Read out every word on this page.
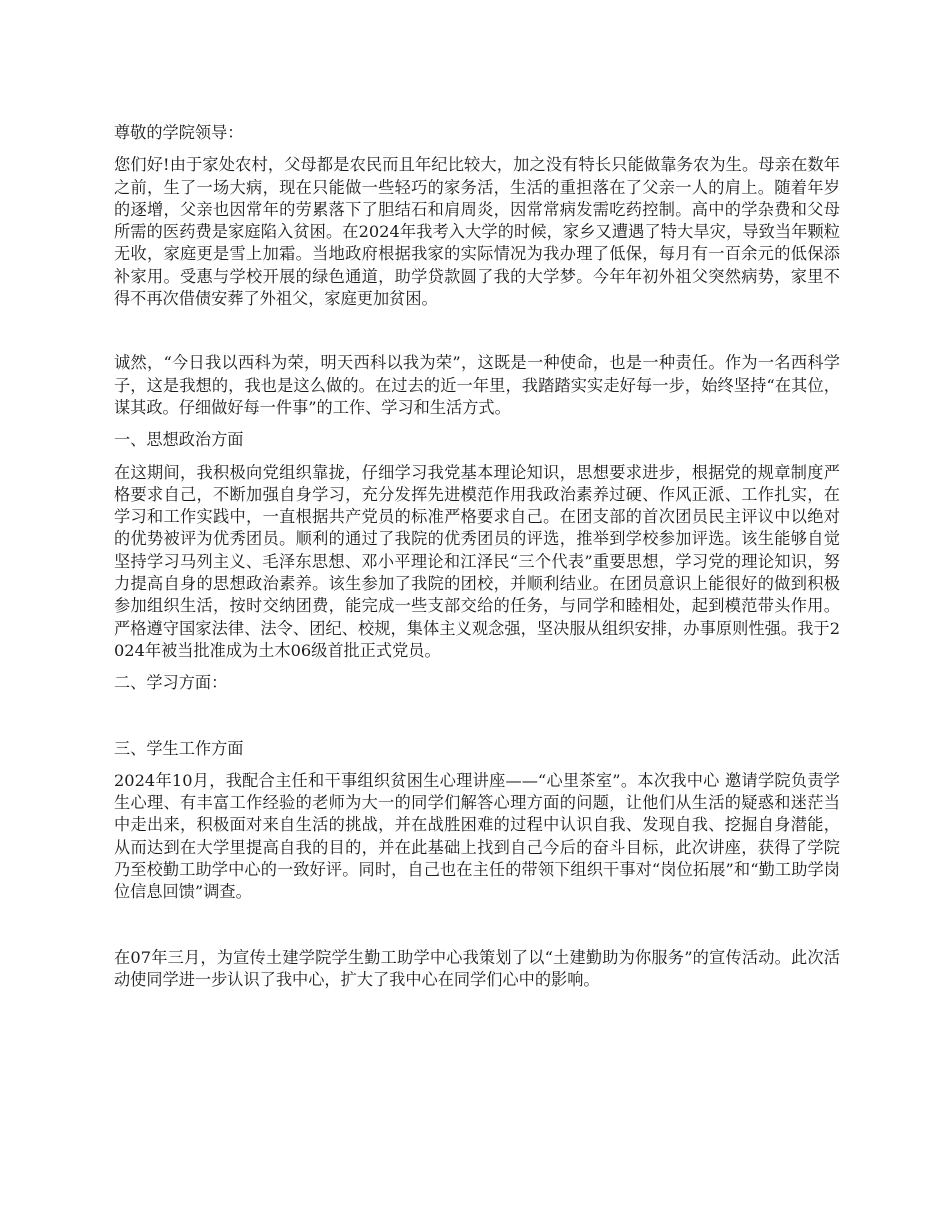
尊敬的学院领导：

您们好!由于家处农村，父母都是农民而且年纪比较大，加之没有特长只能做靠务农为生。母亲在数年之前，生了一场大病，现在只能做一些轻巧的家务活，生活的重担落在了父亲一人的肩上。随着年岁的逐增，父亲也因常年的劳累落下了胆结石和肩周炎，因常常病发需吃药控制。高中的学杂费和父母所需的医药费是家庭陷入贫困。在2024年我考入大学的时候，家乡又遭遇了特大旱灾，导致当年颗粒无收，家庭更是雪上加霜。当地政府根据我家的实际情况为我办理了低保，每月有一百余元的低保添补家用。受惠与学校开展的绿色通道，助学贷款圆了我的大学梦。今年年初外祖父突然病势，家里不得不再次借债安葬了外祖父，家庭更加贫困。

诚然，“今日我以西科为荣，明天西科以我为荣”，这既是一种使命，也是一种责任。作为一名西科学子，这是我想的，我也是这么做的。在过去的近一年里，我踏踏实实走好每一步，始终坚持“在其位，谋其政。仔细做好每一件事”的工作、学习和生活方式。

一、思想政治方面

在这期间，我积极向党组织靠拢，仔细学习我党基本理论知识，思想要求进步，根据党的规章制度严格要求自己，不断加强自身学习，充分发挥先进模范作用我政治素养过硬、作风正派、工作扎实，在学习和工作实践中，一直根据共产党员的标准严格要求自己。在团支部的首次团员民主评议中以绝对的优势被评为优秀团员。顺利的通过了我院的优秀团员的评选，推举到学校参加评选。该生能够自觉坚持学习马列主义、毛泽东思想、邓小平理论和江泽民“三个代表”重要思想，学习党的理论知识，努力提高自身的思想政治素养。该生参加了我院的团校，并顺利结业。在团员意识上能很好的做到积极参加组织生活，按时交纳团费，能完成一些支部交给的任务，与同学和睦相处，起到模范带头作用。严格遵守国家法律、法令、团纪、校规，集体主义观念强，坚决服从组织安排，办事原则性强。我于2024年被当批准成为土木06级首批正式党员。

二、学习方面：

三、学生工作方面

2024年10月，我配合主任和干事组织贫困生心理讲座——“心里茶室”。本次我中心 邀请学院负责学生心理、有丰富工作经验的老师为大一的同学们解答心理方面的问题，让他们从生活的疑惑和迷茫当中走出来，积极面对来自生活的挑战，并在战胜困难的过程中认识自我、发现自我、挖掘自身潜能，从而达到在大学里提高自我的目的，并在此基础上找到自己今后的奋斗目标，此次讲座，获得了学院乃至校勤工助学中心的一致好评。同时，自己也在主任的带领下组织干事对“岗位拓展”和“勤工助学岗位信息回馈”调查。

在07年三月，为宣传土建学院学生勤工助学中心我策划了以“土建勤助为你服务”的宣传活动。此次活动使同学进一步认识了我中心，扩大了我中心在同学们心中的影响。
